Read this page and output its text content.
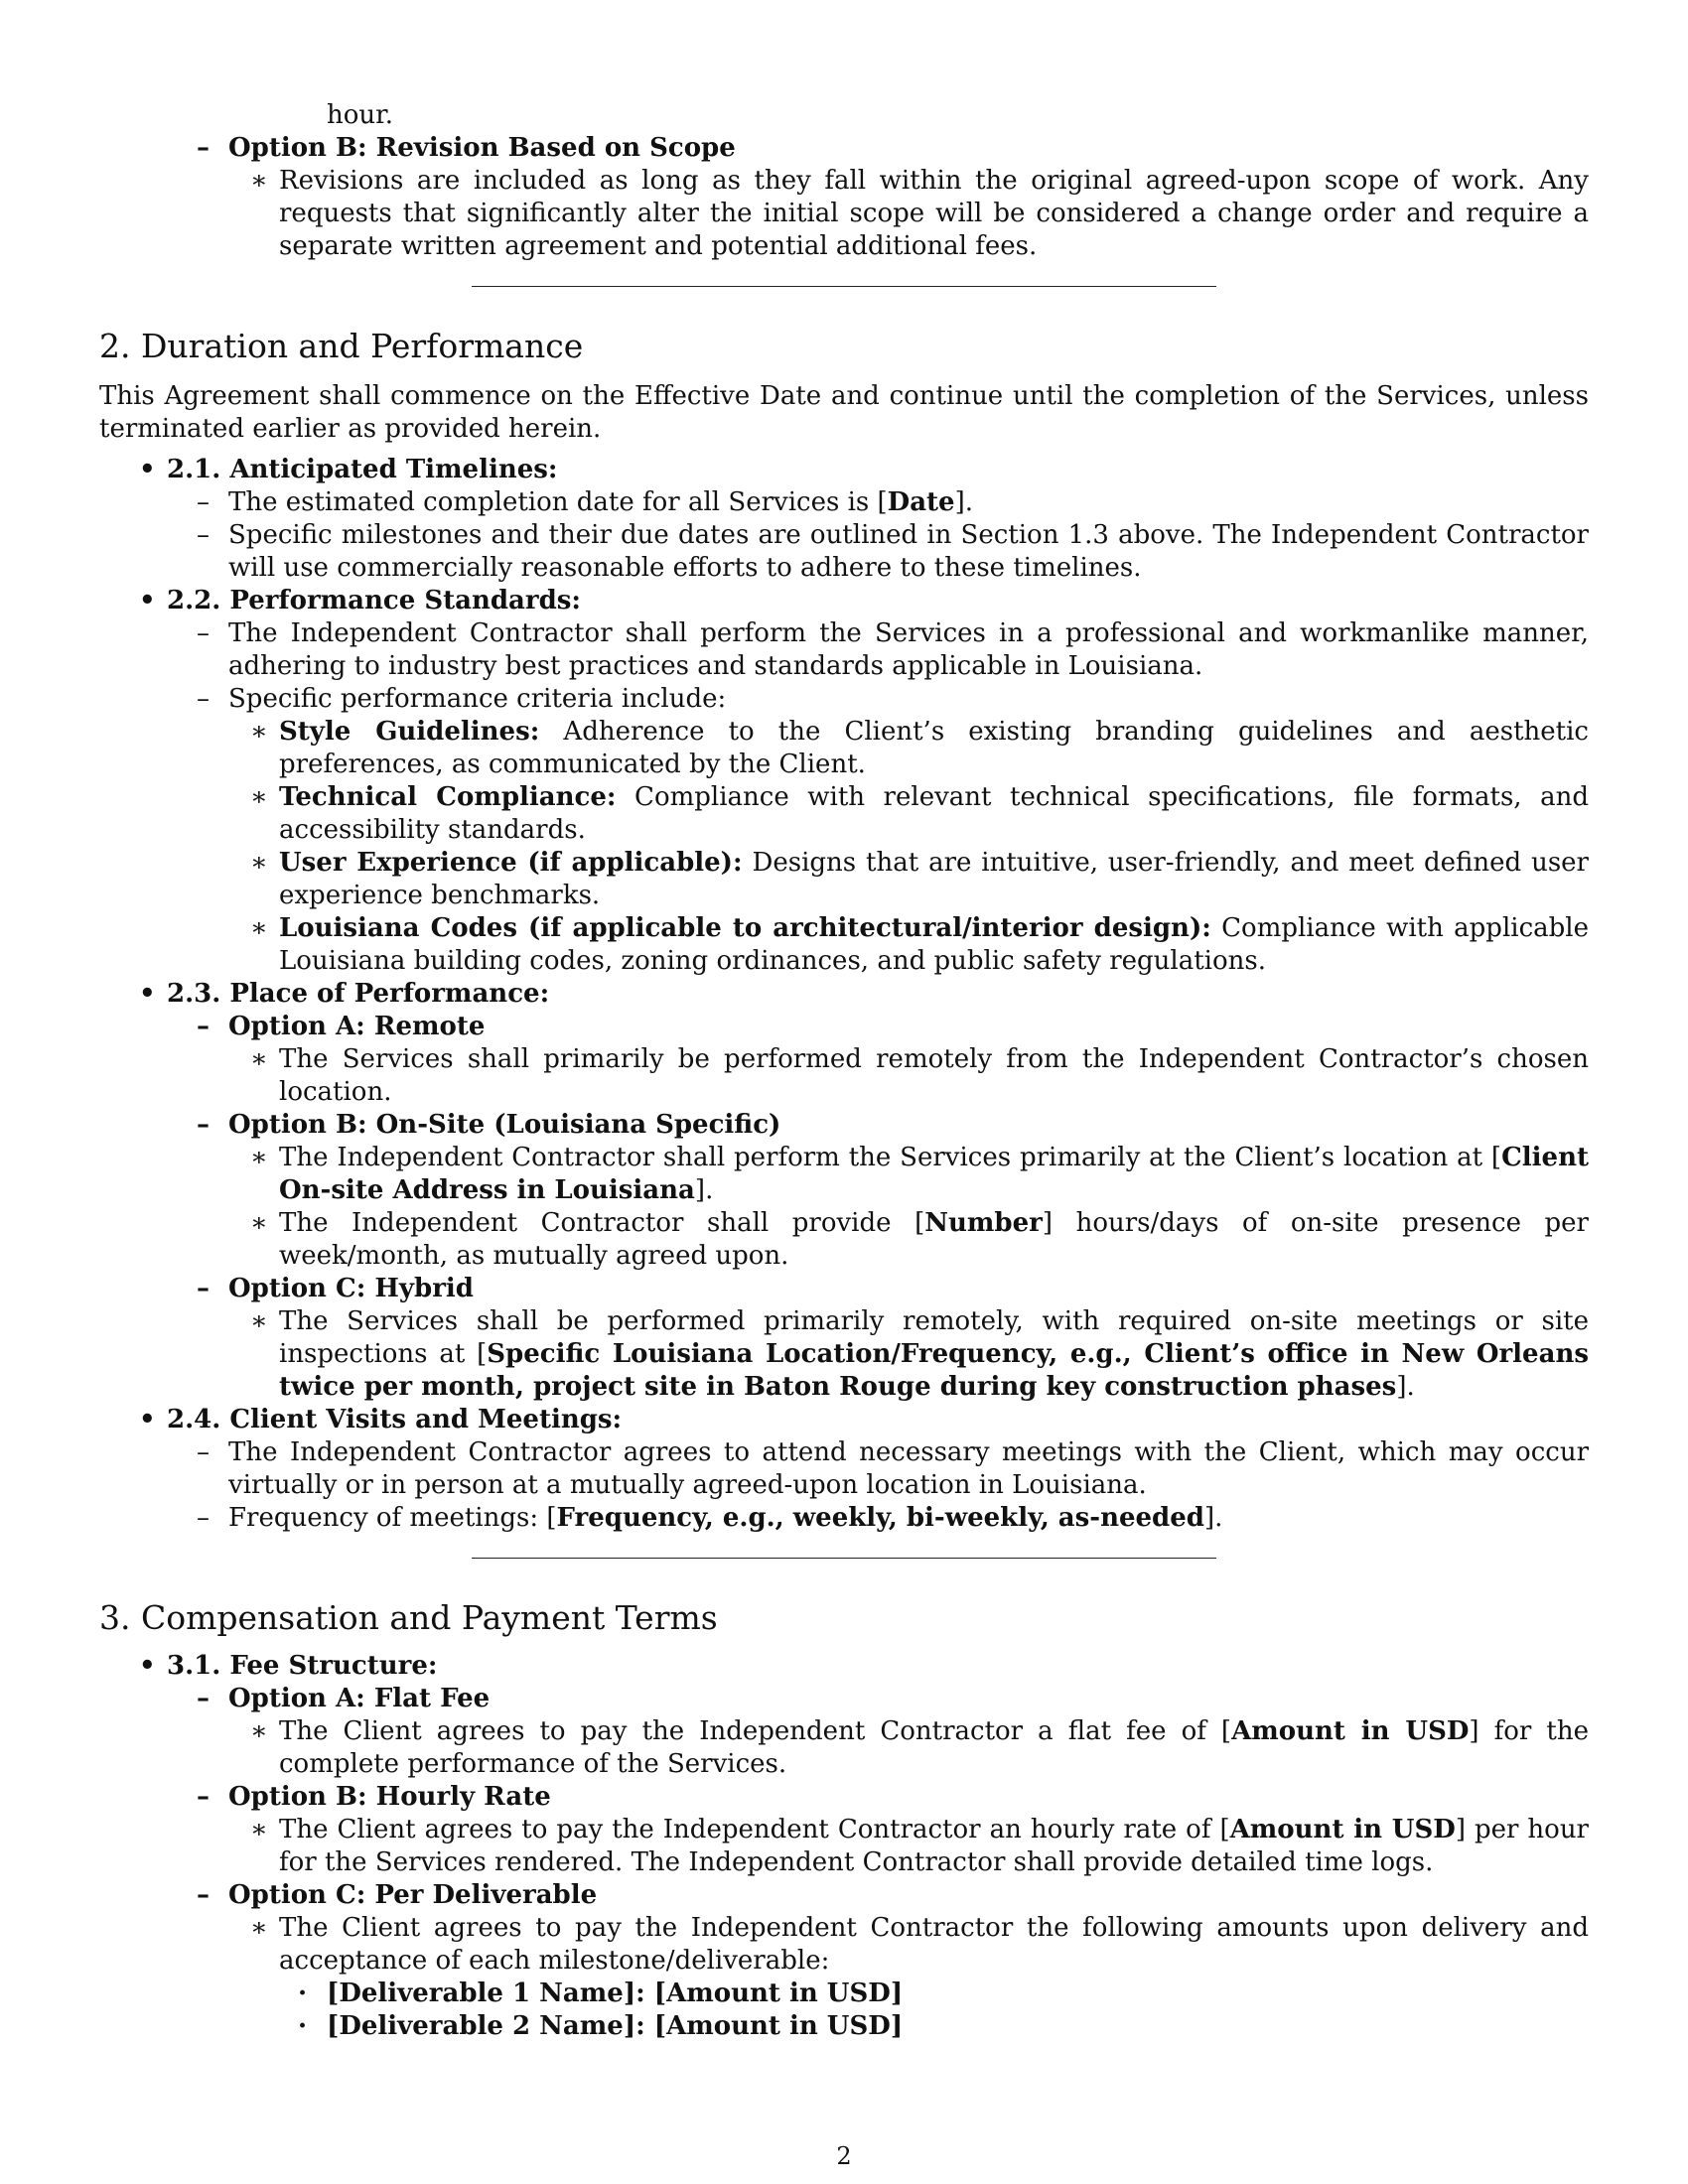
hour.
– Option B: Revision Based on Scope
∗ Revisions are included as long as they fall within the original agreed-upon scope of work. Any requests that significantly alter the initial scope will be considered a change order and require a separate written agreement and potential additional fees.
2. Duration and Performance

This Agreement shall commence on the Effective Date and continue until the completion of the Services, unless terminated earlier as provided herein.

• 2.1. Anticipated Timelines:
– The estimated completion date for all Services is [Date].
– Specific milestones and their due dates are outlined in Section 1.3 above. The Independent Contractor will use commercially reasonable efforts to adhere to these timelines.
• 2.2. Performance Standards:
– The Independent Contractor shall perform the Services in a professional and workmanlike manner, adhering to industry best practices and standards applicable in Louisiana.
– Specific performance criteria include:
∗ Style Guidelines: Adherence to the Client’s existing branding guidelines and aesthetic preferences, as communicated by the Client.
∗ Technical Compliance: Compliance with relevant technical specifications, file formats, and accessibility standards.
∗ User Experience (if applicable): Designs that are intuitive, user-friendly, and meet defined user experience benchmarks.
∗ Louisiana Codes (if applicable to architectural/interior design): Compliance with applicable Louisiana building codes, zoning ordinances, and public safety regulations.
• 2.3. Place of Performance:
– Option A: Remote
∗ The Services shall primarily be performed remotely from the Independent Contractor’s chosen location.
– Option B: On-Site (Louisiana Specific)
∗ The Independent Contractor shall perform the Services primarily at the Client’s location at [Client On-site Address in Louisiana].
∗ The Independent Contractor shall provide [Number] hours/days of on-site presence per week/month, as mutually agreed upon.
– Option C: Hybrid
∗ The Services shall be performed primarily remotely, with required on-site meetings or site inspections at [Specific Louisiana Location/Frequency, e.g., Client’s office in New Orleans twice per month, project site in Baton Rouge during key construction phases].
• 2.4. Client Visits and Meetings:
– The Independent Contractor agrees to attend necessary meetings with the Client, which may occur virtually or in person at a mutually agreed-upon location in Louisiana.
– Frequency of meetings: [Frequency, e.g., weekly, bi-weekly, as-needed].
3. Compensation and Payment Terms
• 3.1. Fee Structure:
– Option A: Flat Fee
∗ The Client agrees to pay the Independent Contractor a flat fee of [Amount in USD] for the complete performance of the Services.
– Option B: Hourly Rate
∗ The Client agrees to pay the Independent Contractor an hourly rate of [Amount in USD] per hour for the Services rendered. The Independent Contractor shall provide detailed time logs.
– Option C: Per Deliverable
∗ The Client agrees to pay the Independent Contractor the following amounts upon delivery and acceptance of each milestone/deliverable:
· [Deliverable 1 Name]: [Amount in USD]
· [Deliverable 2 Name]: [Amount in USD]
2
